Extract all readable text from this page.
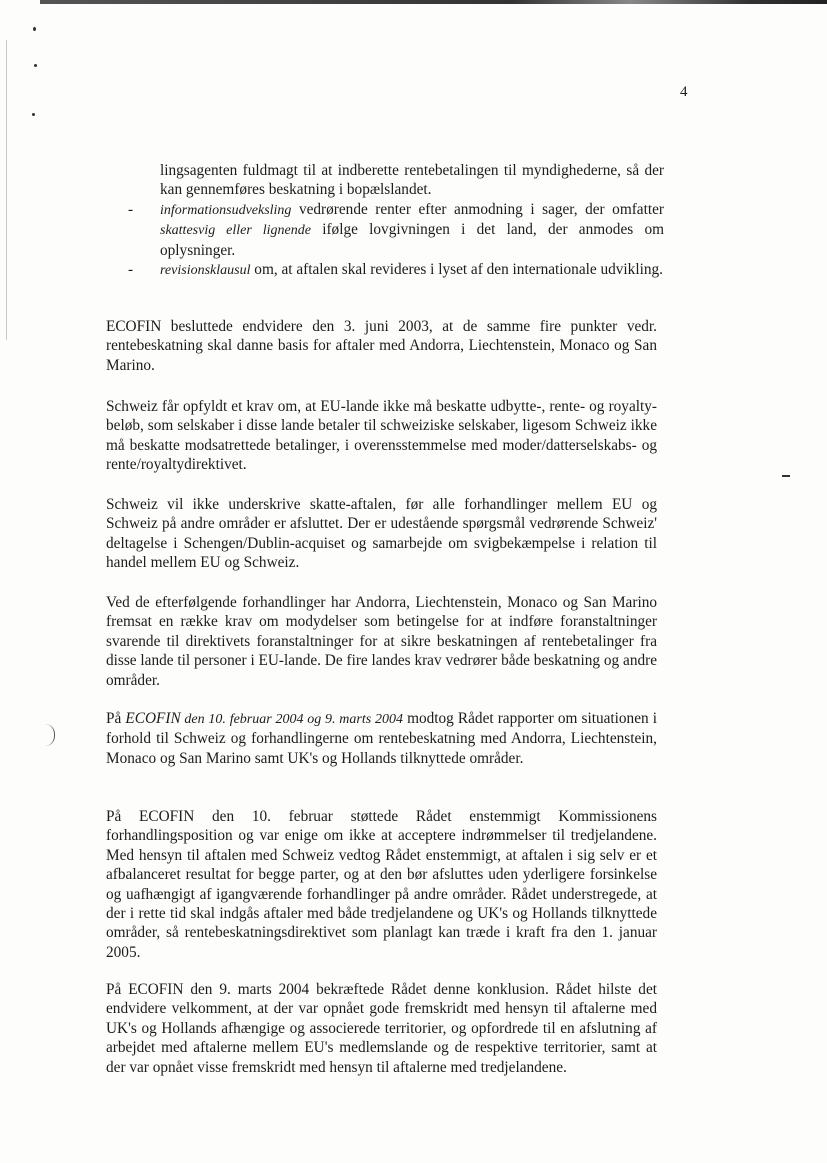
4
lingsagenten fuldmagt til at indberette rentebetalingen til myndighederne, så der kan gennemføres beskatning i bopælslandet.
- informationsudveksling vedrørende renter efter anmodning i sager, der omfatter skattesvig eller lignende ifølge lovgivningen i det land, der anmodes om oplysninger.
- revisionsklausul om, at aftalen skal revideres i lyset af den internationale udvikling.
ECOFIN besluttede endvidere den 3. juni 2003, at de samme fire punkter vedr. rentebeskatning skal danne basis for aftaler med Andorra, Liechtenstein, Monaco og San Marino.
Schweiz får opfyldt et krav om, at EU-lande ikke må beskatte udbytte-, rente- og royalty-beløb, som selskaber i disse lande betaler til schweiziske selskaber, ligesom Schweiz ikke må beskatte modsatrettede betalinger, i overensstemmelse med moder/datterselskabs- og rente/royaltydirektivet.
Schweiz vil ikke underskrive skatte-aftalen, før alle forhandlinger mellem EU og Schweiz på andre områder er afsluttet. Der er udestående spørgsmål vedrørende Schweiz' deltagelse i Schengen/Dublin-acquiset og samarbejde om svigbekæmpelse i relation til handel mellem EU og Schweiz.
Ved de efterfølgende forhandlinger har Andorra, Liechtenstein, Monaco og San Marino fremsat en række krav om modydelser som betingelse for at indføre foranstaltninger svarende til direktivets foranstaltninger for at sikre beskatningen af rentebetalinger fra disse lande til personer i EU-lande. De fire landes krav vedrører både beskatning og andre områder.
På ECOFIN den 10. februar 2004 og 9. marts 2004 modtog Rådet rapporter om situationen i forhold til Schweiz og forhandlingerne om rentebeskatning med Andorra, Liechtenstein, Monaco og San Marino samt UK's og Hollands tilknyttede områder.
På ECOFIN den 10. februar støttede Rådet enstemmigt Kommissionens forhandlingsposition og var enige om ikke at acceptere indrømmelser til tredjelandene. Med hensyn til aftalen med Schweiz vedtog Rådet enstemmigt, at aftalen i sig selv er et afbalanceret resultat for begge parter, og at den bør afsluttes uden yderligere forsinkelse og uafhængigt af igangværende forhandlinger på andre områder. Rådet understregede, at der i rette tid skal indgås aftaler med både tredjelandene og UK's og Hollands tilknyttede områder, så rentebeskatningsdirektivet som planlagt kan træde i kraft fra den 1. januar 2005.
På ECOFIN den 9. marts 2004 bekræftede Rådet denne konklusion. Rådet hilste det endvidere velkomment, at der var opnået gode fremskridt med hensyn til aftalerne med UK's og Hollands afhængige og associerede territorier, og opfordrede til en afslutning af arbejdet med aftalerne mellem EU's medlemslande og de respektive territorier, samt at der var opnået visse fremskridt med hensyn til aftalerne med tredjelandene.
